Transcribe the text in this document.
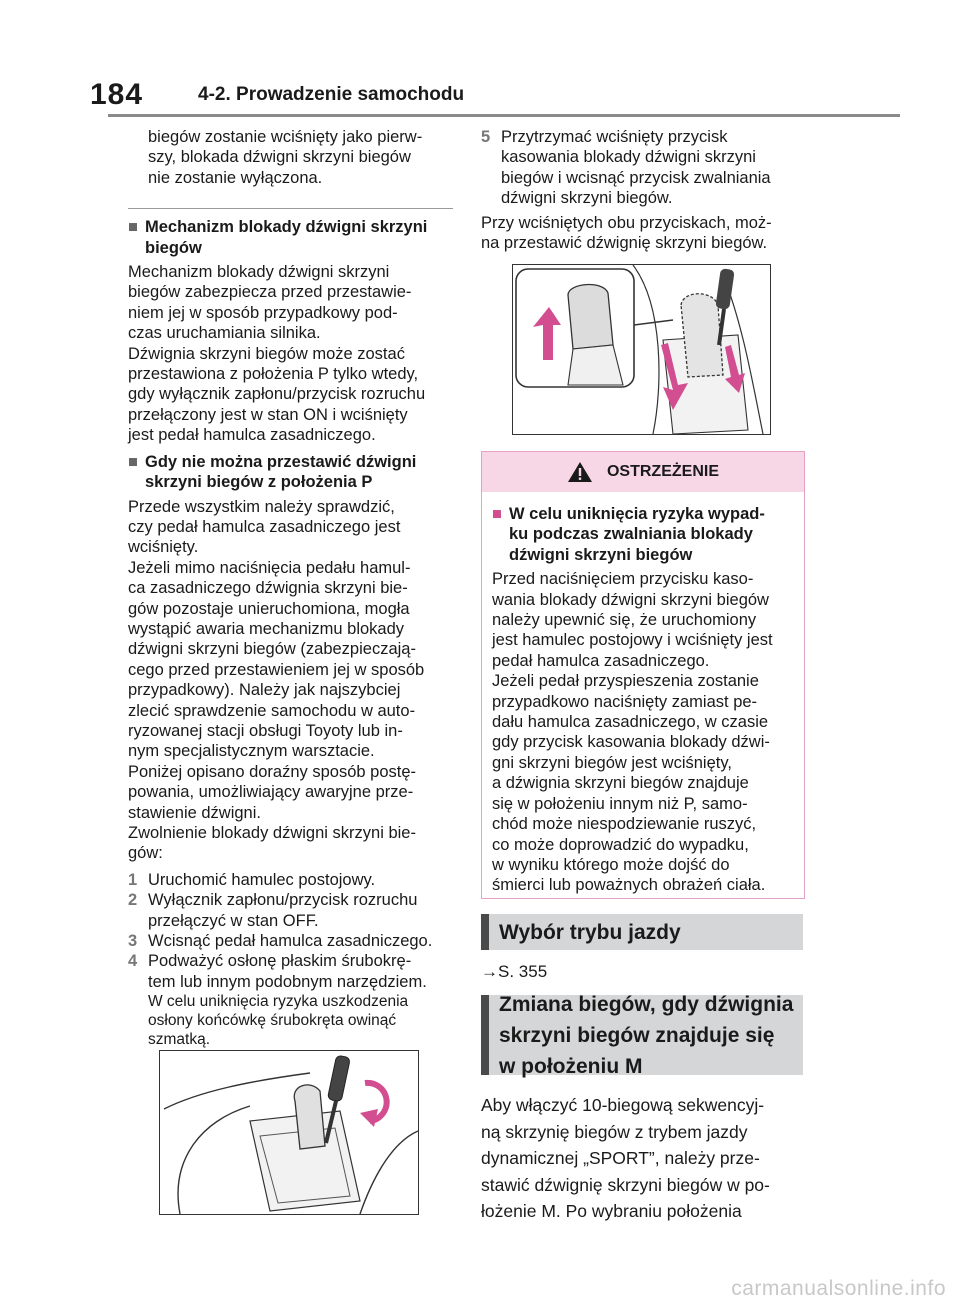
184	4-2. Prowadzenie samochodu
biegów zostanie wciśnięty jako pierw-
szy, blokada dźwigni skrzyni biegów
nie zostanie wyłączona.
■ Mechanizm blokady dźwigni skrzyni
biegów
Mechanizm blokady dźwigni skrzyni
biegów zabezpiecza przed przestawie-
niem jej w sposób przypadkowy pod-
czas uruchamiania silnika.
Dźwignia skrzyni biegów może zostać
przestawiona z położenia P tylko wtedy,
gdy wyłącznik zapłonu/przycisk rozruchu
przełączony jest w stan ON i wciśnięty
jest pedał hamulca zasadniczego.
■ Gdy nie można przestawić dźwigni
skrzyni biegów z położenia P
Przede wszystkim należy sprawdzić,
czy pedał hamulca zasadniczego jest
wciśnięty.
Jeżeli mimo naciśnięcia pedału hamul-
ca zasadniczego dźwignia skrzyni bie-
gów pozostaje unieruchomiona, mogła
wystąpić awaria mechanizmu blokady
dźwigni skrzyni biegów (zabezpieczają-
cego przed przestawieniem jej w sposób
przypadkowy). Należy jak najszybciej
zlecić sprawdzenie samochodu w auto-
ryzowanej stacji obsługi Toyoty lub in-
nym specjalistycznym warsztacie.
Poniżej opisano doraźny sposób postę-
powania, umożliwiający awaryjne prze-
stawienie dźwigni.
Zwolnienie blokady dźwigni skrzyni bie-
gów:
1 Uruchomić hamulec postojowy.
2 Wyłącznik zapłonu/przycisk rozruchu
przełączyć w stan OFF.
3 Wcisnąć pedał hamulca zasadniczego.
4 Podważyć osłonę płaskim śrubokrę-
tem lub innym podobnym narzędziem.
W celu uniknięcia ryzyka uszkodzenia
osłony końcówkę śrubokręta owinąć
szmatką.
5 Przytrzymać wciśnięty przycisk
kasowania blokady dźwigni skrzyni
biegów i wcisnąć przycisk zwalniania
dźwigni skrzyni biegów.
Przy wciśniętych obu przyciskach, moż-
na przestawić dźwignię skrzyni biegów.
OSTRZEŻENIE
■ W celu uniknięcia ryzyka wypad-
ku podczas zwalniania blokady
dźwigni skrzyni biegów
Przed naciśnięciem przycisku kaso-
wania blokady dźwigni skrzyni biegów
należy upewnić się, że uruchomiony
jest hamulec postojowy i wciśnięty jest
pedał hamulca zasadniczego.
Jeżeli pedał przyspieszenia zostanie
przypadkowo naciśnięty zamiast pe-
dału hamulca zasadniczego, w czasie
gdy przycisk kasowania blokady dźwi-
gni skrzyni biegów jest wciśnięty,
a dźwignia skrzyni biegów znajduje
się w położeniu innym niż P, samo-
chód może niespodziewanie ruszyć,
co może doprowadzić do wypadku,
w wyniku którego może dojść do
śmierci lub poważnych obrażeń ciała.
Wybór trybu jazdy
→S. 355
Zmiana biegów, gdy dźwignia
skrzyni biegów znajduje się
w położeniu M
Aby włączyć 10-biegową sekwencyj-
ną skrzynię biegów z trybem jazdy
dynamicznej „SPORT”, należy prze-
stawić dźwignię skrzyni biegów w po-
łożenie M. Po wybraniu położenia
carmanualsonline.info
